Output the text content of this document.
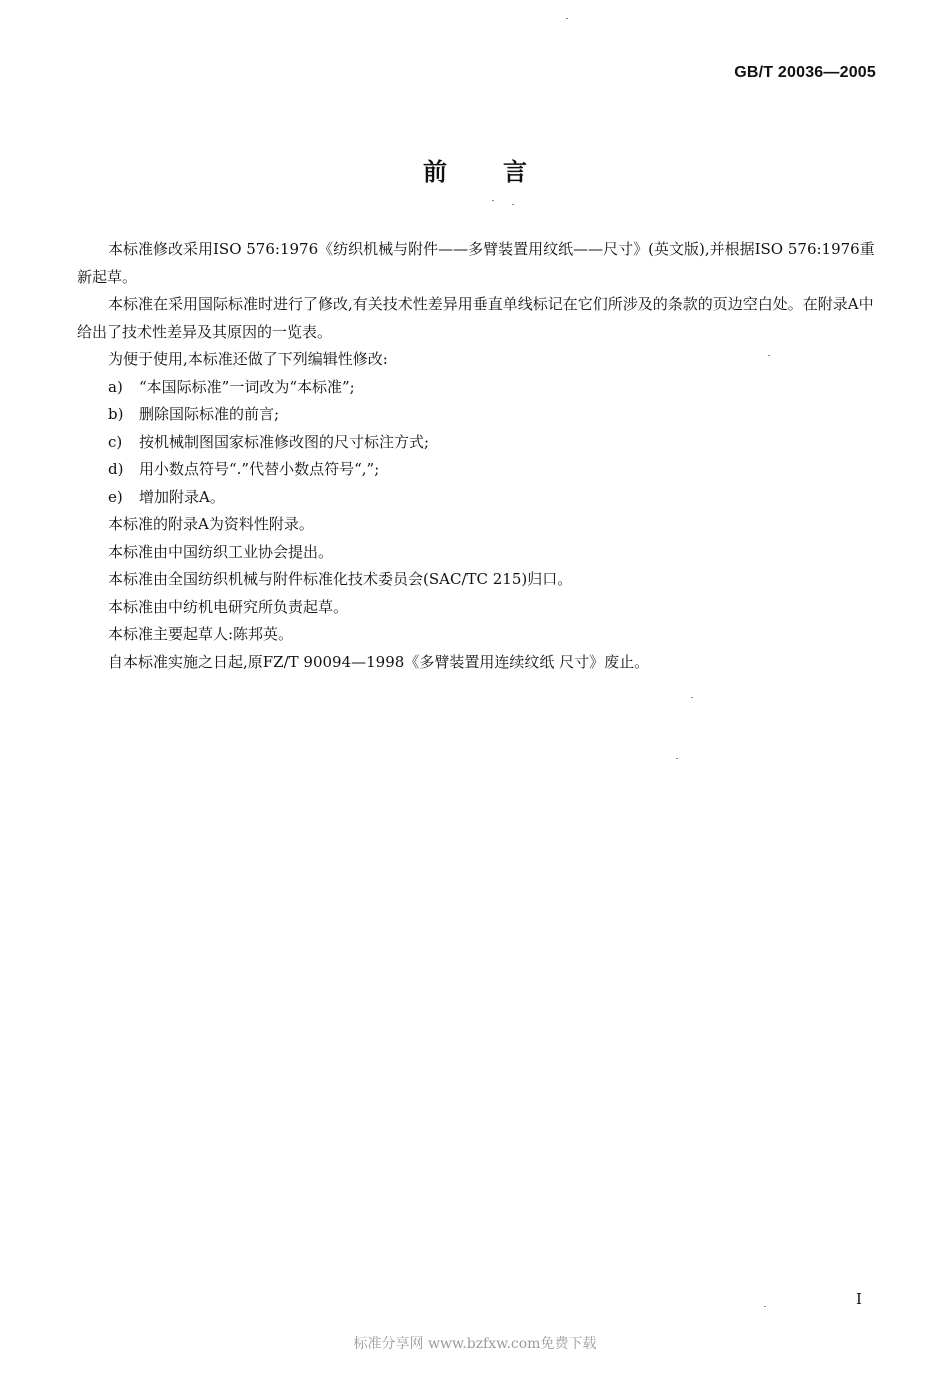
GB/T 20036—2005
前言

本标准修改采用ISO 576:1976《纺织机械与附件——多臂装置用纹纸——尺寸》(英文版),并根据ISO 576:1976重新起草。

本标准在采用国际标准时进行了修改,有关技术性差异用垂直单线标记在它们所涉及的条款的页边空白处。在附录A中给出了技术性差异及其原因的一览表。

为便于使用,本标准还做了下列编辑性修改:

a)	“本国际标准”一词改为“本标准”;
b)	删除国际标准的前言;
c)	按机械制图国家标准修改图的尺寸标注方式;
d)	用小数点符号“.”代替小数点符号“,”;
e)	增加附录A。

本标准的附录A为资料性附录。

本标准由中国纺织工业协会提出。

本标准由全国纺织机械与附件标准化技术委员会(SAC/TC 215)归口。

本标准由中纺机电研究所负责起草。

本标准主要起草人:陈邦英。

自本标准实施之日起,原FZ/T 90094—1998《多臂装置用连续纹纸 尺寸》废止。

I
标准分享网 www.bzfxw.com免费下载
